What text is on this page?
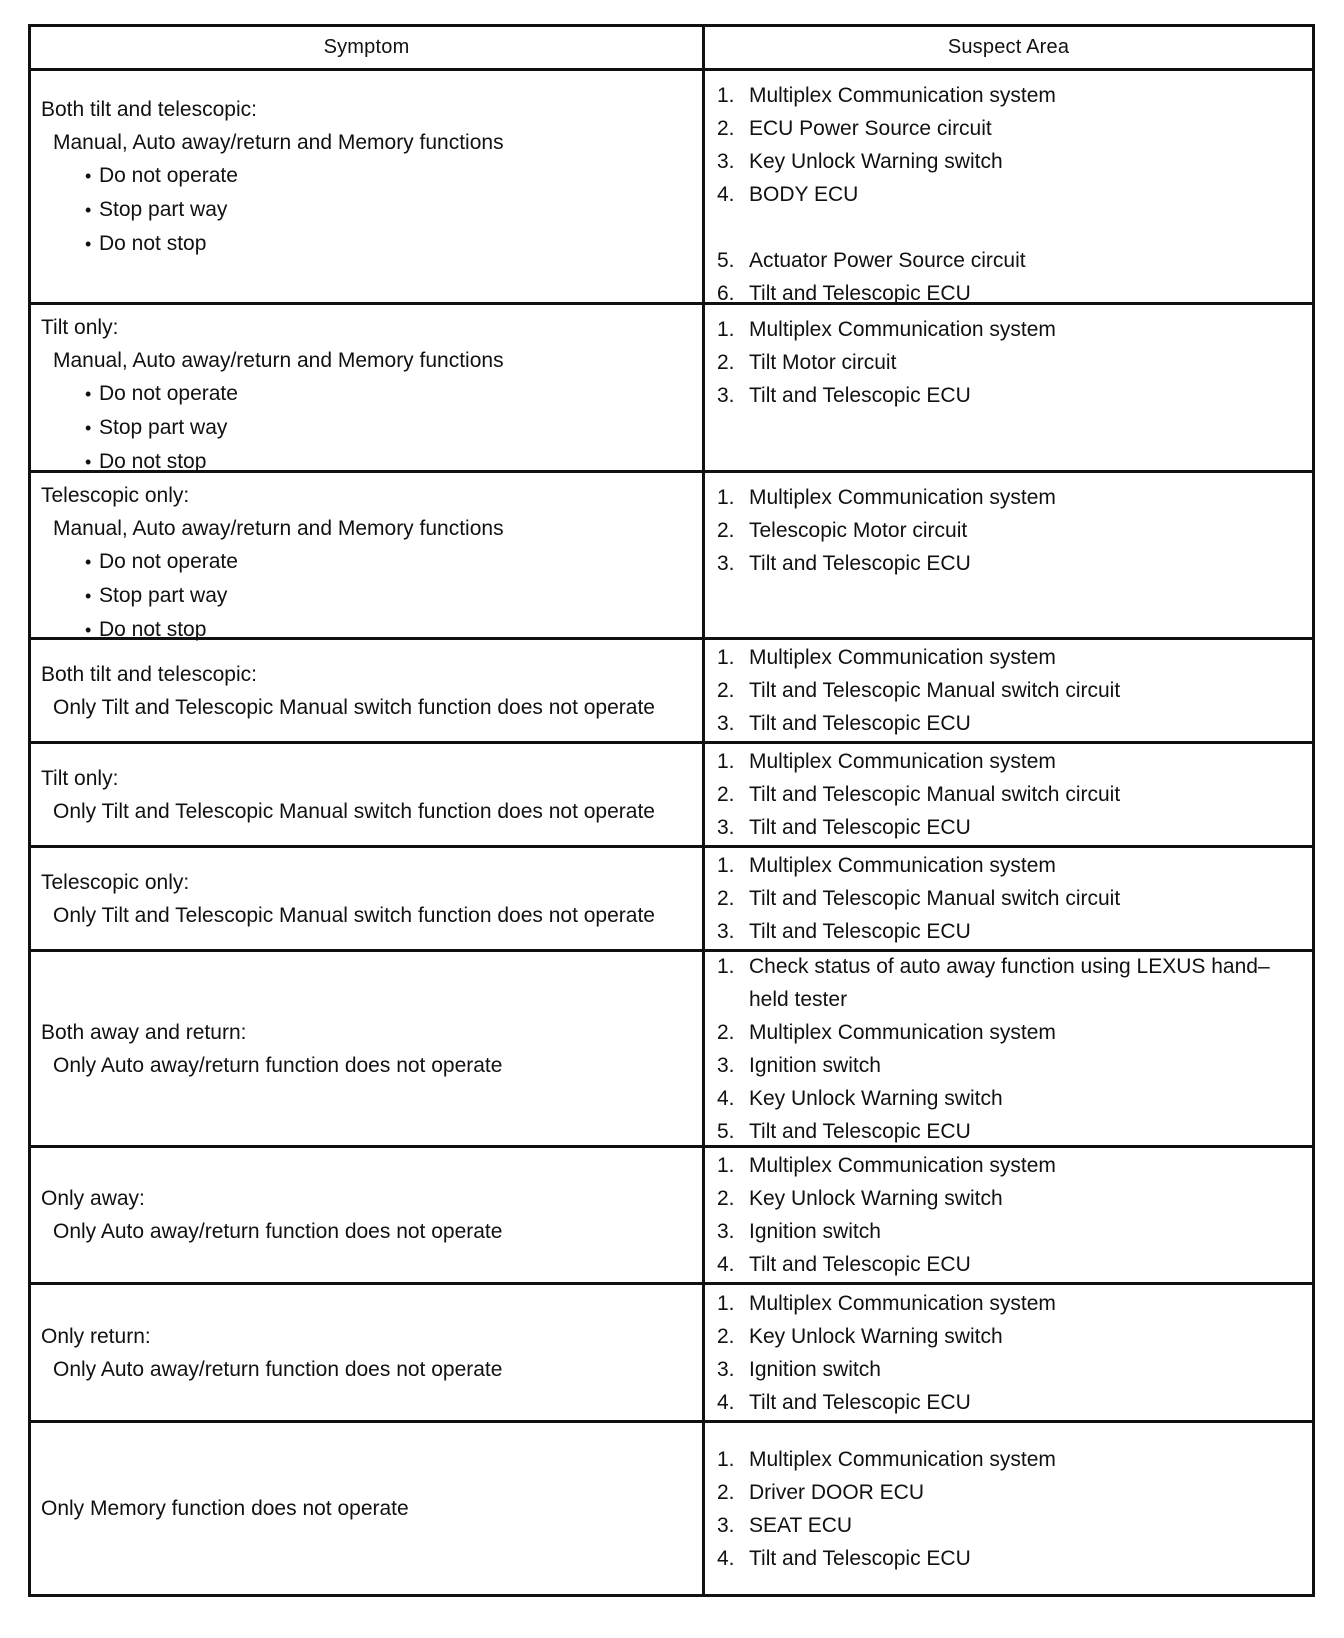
Symptom	Suspect Area
Both tilt and telescopic:
Manual, Auto away/return and Memory functions
• Do not operate
• Stop part way
• Do not stop
1. Multiplex Communication system
2. ECU Power Source circuit
3. Key Unlock Warning switch
4. BODY ECU
5. Actuator Power Source circuit
6. Tilt and Telescopic ECU
Tilt only:
Manual, Auto away/return and Memory functions
• Do not operate
• Stop part way
• Do not stop
1. Multiplex Communication system
2. Tilt Motor circuit
3. Tilt and Telescopic ECU
Telescopic only:
Manual, Auto away/return and Memory functions
• Do not operate
• Stop part way
• Do not stop
1. Multiplex Communication system
2. Telescopic Motor circuit
3. Tilt and Telescopic ECU
Both tilt and telescopic:
Only Tilt and Telescopic Manual switch function does not operate
1. Multiplex Communication system
2. Tilt and Telescopic Manual switch circuit
3. Tilt and Telescopic ECU
Tilt only:
Only Tilt and Telescopic Manual switch function does not operate
1. Multiplex Communication system
2. Tilt and Telescopic Manual switch circuit
3. Tilt and Telescopic ECU
Telescopic only:
Only Tilt and Telescopic Manual switch function does not operate
1. Multiplex Communication system
2. Tilt and Telescopic Manual switch circuit
3. Tilt and Telescopic ECU
Both away and return:
Only Auto away/return function does not operate
1. Check status of auto away function using LEXUS hand–held tester
2. Multiplex Communication system
3. Ignition switch
4. Key Unlock Warning switch
5. Tilt and Telescopic ECU
Only away:
Only Auto away/return function does not operate
1. Multiplex Communication system
2. Key Unlock Warning switch
3. Ignition switch
4. Tilt and Telescopic ECU
Only return:
Only Auto away/return function does not operate
1. Multiplex Communication system
2. Key Unlock Warning switch
3. Ignition switch
4. Tilt and Telescopic ECU
Only Memory function does not operate
1. Multiplex Communication system
2. Driver DOOR ECU
3. SEAT ECU
4. Tilt and Telescopic ECU
